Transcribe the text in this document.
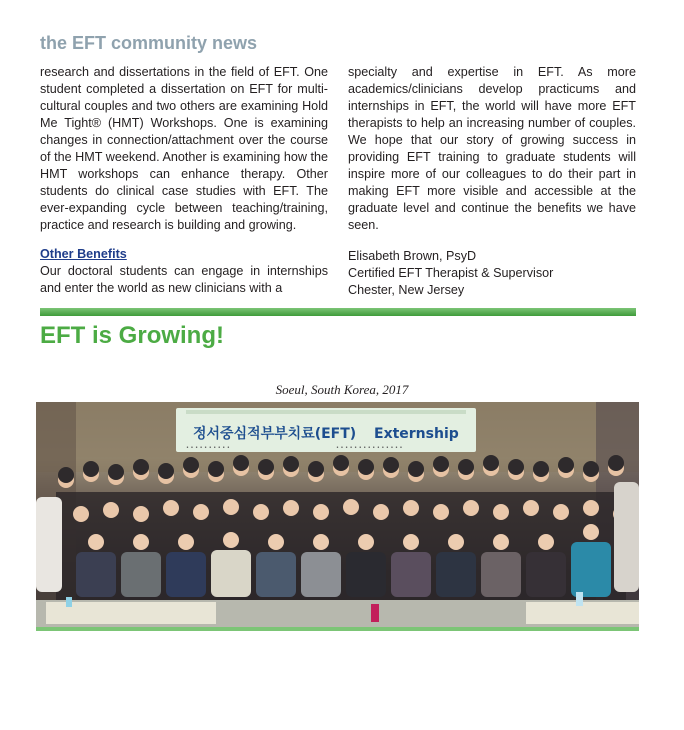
the EFT community news

research and dissertations in the field of EFT. One student completed a dissertation on EFT for multi-cultural couples and two others are examining Hold Me Tight® (HMT) Workshops. One is examining changes in connection/attachment over the course of the HMT weekend. Another is examining how the HMT workshops can enhance therapy. Other students do clinical case studies with EFT. The ever-expanding cycle between teaching/training, practice and research is building and growing.

Other Benefits

Our doctoral students can engage in internships and enter the world as new clinicians with a

specialty and expertise in EFT. As more academics/clinicians develop practicums and internships in EFT, the world will have more EFT therapists to help an increasing number of couples. We hope that our story of growing success in providing EFT training to graduate students will inspire more of our colleagues to do their part in making EFT more visible and accessible at the graduate level and continue the benefits we have seen.

Elisabeth Brown, PsyD
Certified EFT Therapist & Supervisor
Chester, New Jersey
EFT is Growing!
Soeul, South Korea, 2017
정서중심적부부치료(EFT) Externship
• • • • • • • • • •	• • • • • • • • • • • • • • •
